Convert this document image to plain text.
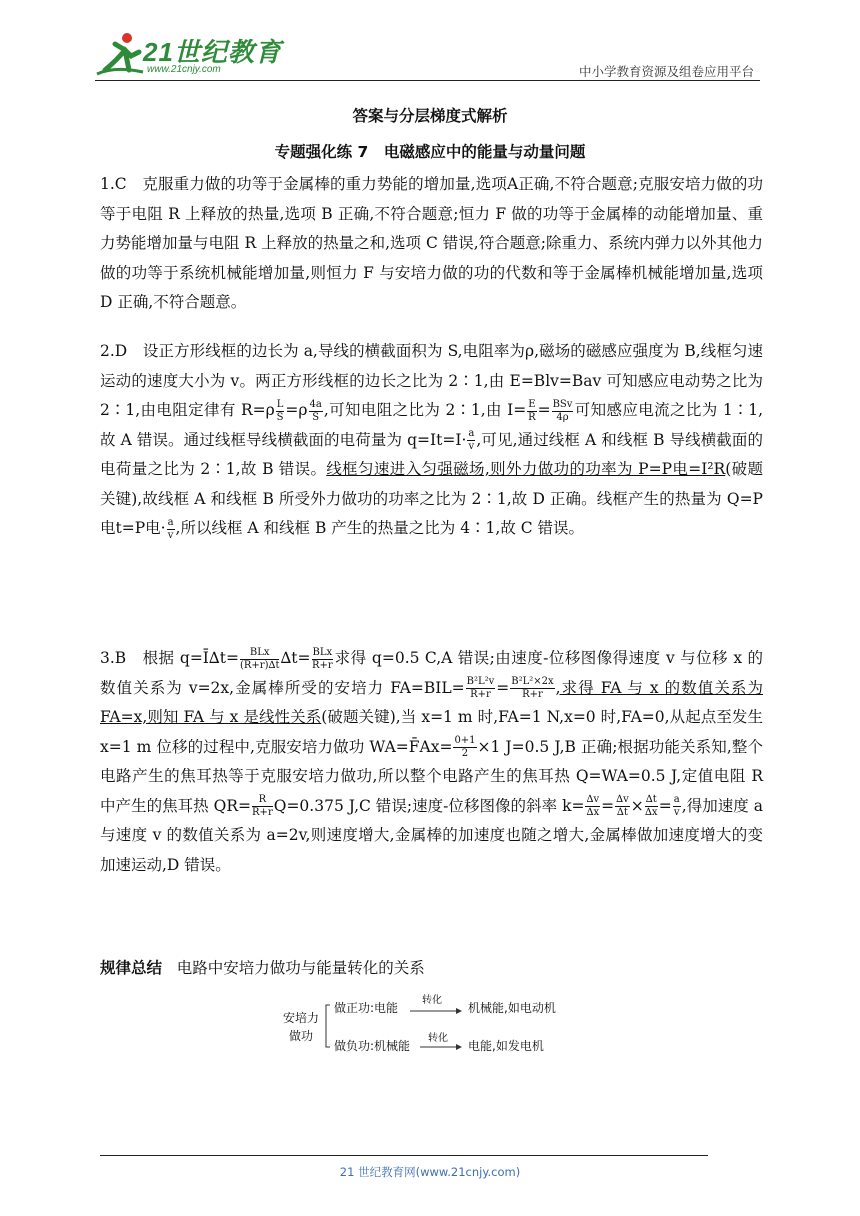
21世纪教育
www.21cnjy.com	中小学教育资源及组卷应用平台
答案与分层梯度式解析
专题强化练 7　电磁感应中的能量与动量问题
1.C　克服重力做的功等于金属棒的重力势能的增加量,选项A正确,不符合题意;克服安培力做的功等于电阻 R 上释放的热量,选项 B 正确,不符合题意;恒力 F 做的功等于金属棒的动能增加量、重力势能增加量与电阻 R 上释放的热量之和,选项 C 错误,符合题意;除重力、系统内弹力以外其他力做的功等于系统机械能增加量,则恒力 F 与安培力做的功的代数和等于金属棒机械能增加量,选项 D 正确,不符合题意。
2.D　设正方形线框的边长为 a,导线的横截面积为 S,电阻率为ρ,磁场的磁感应强度为 B,线框匀速运动的速度大小为 v。两正方形线框的边长之比为 2∶1,由 E=Blv=Bav 可知感应电动势之比为 2∶1,由电阻定律有 $R=\rho \frac{L}{S} =\rho \frac{4a}{S}$ ,可知电阻之比为 2∶1,由 $I= \frac{E}{R} = \frac{\text{BSv}}{4\rho}$ 可知感应电流之比为 1∶1,故 A 错误。通过线框导线横截面的电荷量为 $q=It=I\cdot \frac{a}{v}$ ,可见,通过线框 A 和线框 B 导线横截面的电荷量之比为 2∶1,故 B 错误。线框匀速进入匀强磁场,则外力做功的功率为 P=P电=I²R(破题关键),故线框 A 和线框 B 所受外力做功的功率之比为 2∶1,故 D 正确。线框产生的热量为 Q=P电t=P电· $\frac{a}{v}$ ,所以线框 A 和线框 B 产生的热量之比为 4∶1,故 C 错误。
3.B　根据 q=Ī∆t= $\frac{\text{BLx}}{(R+r)\Delta t} \Delta t= \frac{\text{BLx}}{R+r}$ 求得 q=0.5 C,A 错误;由速度-位移图像得速度 v 与位移 x 的数值关系为 v=2x,金属棒所受的安培力 $FA=BIL= \frac{\text{B²L²v}}{R+r} = \frac{\text{B²L²×2x}}{R+r}$ ,求得 FA 与 x 的数值关系为 FA=x,则知 FA 与 x 是线性关系(破题关键),当 x=1 m 时,FA=1 N,x=0 时,FA=0,从起点至发生 x=1 m 位移的过程中,克服安培力做功 WA=F̄Ax= $\frac{0+1}{2} \times 1$ J=0.5 J,B 正确;根据功能关系知,整个电路产生的焦耳热等于克服安培力做功,所以整个电路产生的焦耳热 Q=WA=0.5 J,定值电阻 R 中产生的焦耳热 $QR= \frac{R}{R+r} Q=0.375$ J,C 错误;速度-位移图像的斜率 $k= \frac{\Delta v}{\Delta x} = \frac{\Delta v}{\Delta t} \times \frac{\Delta t}{\Delta x} = \frac{a}{v}$ ,得加速度 a 与速度 v 的数值关系为 a=2v,则速度增大,金属棒的加速度也随之增大,金属棒做加速度增大的变加速运动,D 错误。
规律总结 电路中安培力做功与能量转化的关系
安培力做功
做正功:电能
转化
机械能,如电动机
做负功:机械能
转化
电能,如发电机
21 世纪教育网(www.21cnjy.com)
